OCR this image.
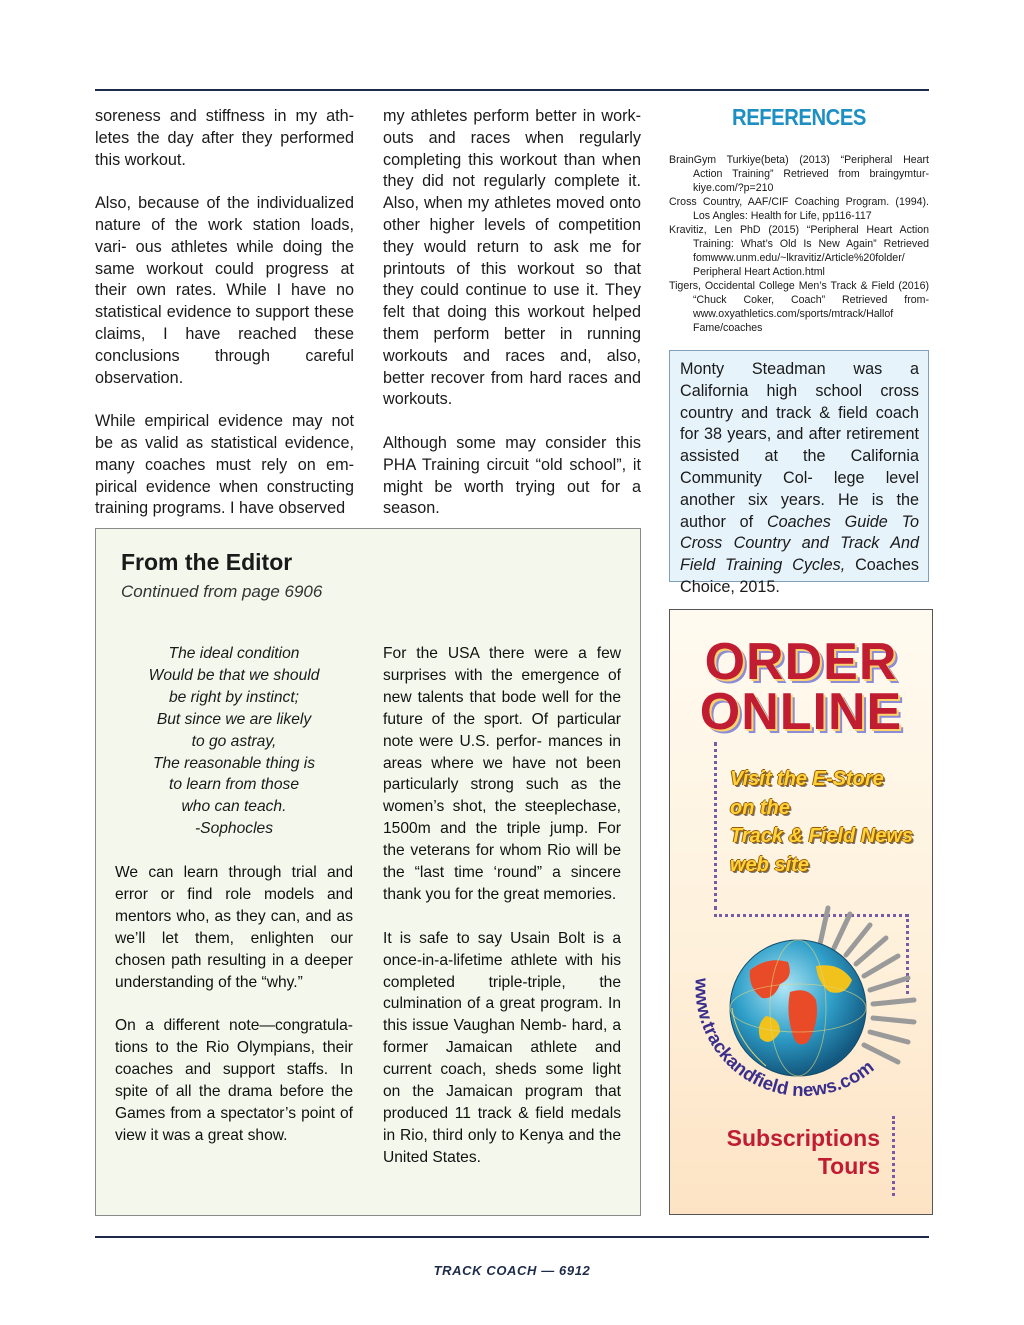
soreness and stiffness in my ath- letes the day after they performed this workout.

Also, because of the individualized nature of the work station loads, vari- ous athletes while doing the same workout could progress at their own rates. While I have no statistical evidence to support these claims, I have reached these conclusions through careful observation.

While empirical evidence may not be as valid as statistical evidence, many coaches must rely on em- pirical evidence when constructing training programs. I have observed

my athletes perform better in work- outs and races when regularly completing this workout than when they did not regularly complete it. Also, when my athletes moved onto other higher levels of competition they would return to ask me for printouts of this workout so that they could continue to use it. They felt that doing this workout helped them perform better in running workouts and races and, also, better recover from hard races and workouts.

Although some may consider this PHA Training circuit “old school”, it might be worth trying out for a season.

REFERENCES
BrainGym Turkiye(beta) (2013) “Peripheral Heart Action Training” Retrieved from braingymtur- kiye.com/?p=210
Cross Country, AAF/CIF Coaching Program. (1994). Los Angles: Health for Life, pp116-117
Kravitiz, Len PhD (2015) “Peripheral Heart Action Training: What’s Old Is New Again” Retrieved fomwww.unm.edu/~lkravitiz/Article%20folder/ Peripheral Heart Action.html
Tigers, Occidental College Men’s Track & Field (2016) “Chuck Coker, Coach” Retrieved from- www.oxyathletics.com/sports/mtrack/Hallof Fame/coaches
Monty Steadman was a California high school cross country and track & field coach for 38 years, and after retirement assisted at the California Community Col- lege level another six years. He is the author of Coaches Guide To Cross Country and Track And Field Training Cycles, Coaches Choice, 2015.
From the Editor
Continued from page 6906
The ideal condition
Would be that we should
be right by instinct;
But since we are likely
to go astray,
The reasonable thing is
to learn from those
who can teach.
-Sophocles

We can learn through trial and error or find role models and mentors who, as they can, and as we’ll let them, enlighten our chosen path resulting in a deeper understanding of the “why.”

On a different note—congratula- tions to the Rio Olympians, their coaches and support staffs. In spite of all the drama before the Games from a spectator’s point of view it was a great show.

For the USA there were a few surprises with the emergence of new talents that bode well for the future of the sport. Of particular note were U.S. perfor- mances in areas where we have not been particularly strong such as the women’s shot, the steeplechase, 1500m and the triple jump. For the veterans for whom Rio will be the “last time ‘round” a sincere thank you for the great memories.

It is safe to say Usain Bolt is a once-in-a-lifetime athlete with his completed triple-triple, the culmination of a great program. In this issue Vaughan Nemb- hard, a former Jamaican athlete and current coach, sheds some light on the Jamaican program that produced 11 track & field medals in Rio, third only to Kenya and the United States.

ORDER
ONLINE
Visit the E-Store
on the
Track & Field News
web site
www.trackandfield news.com
Subscriptions
Tours
TRACK COACH — 6912
